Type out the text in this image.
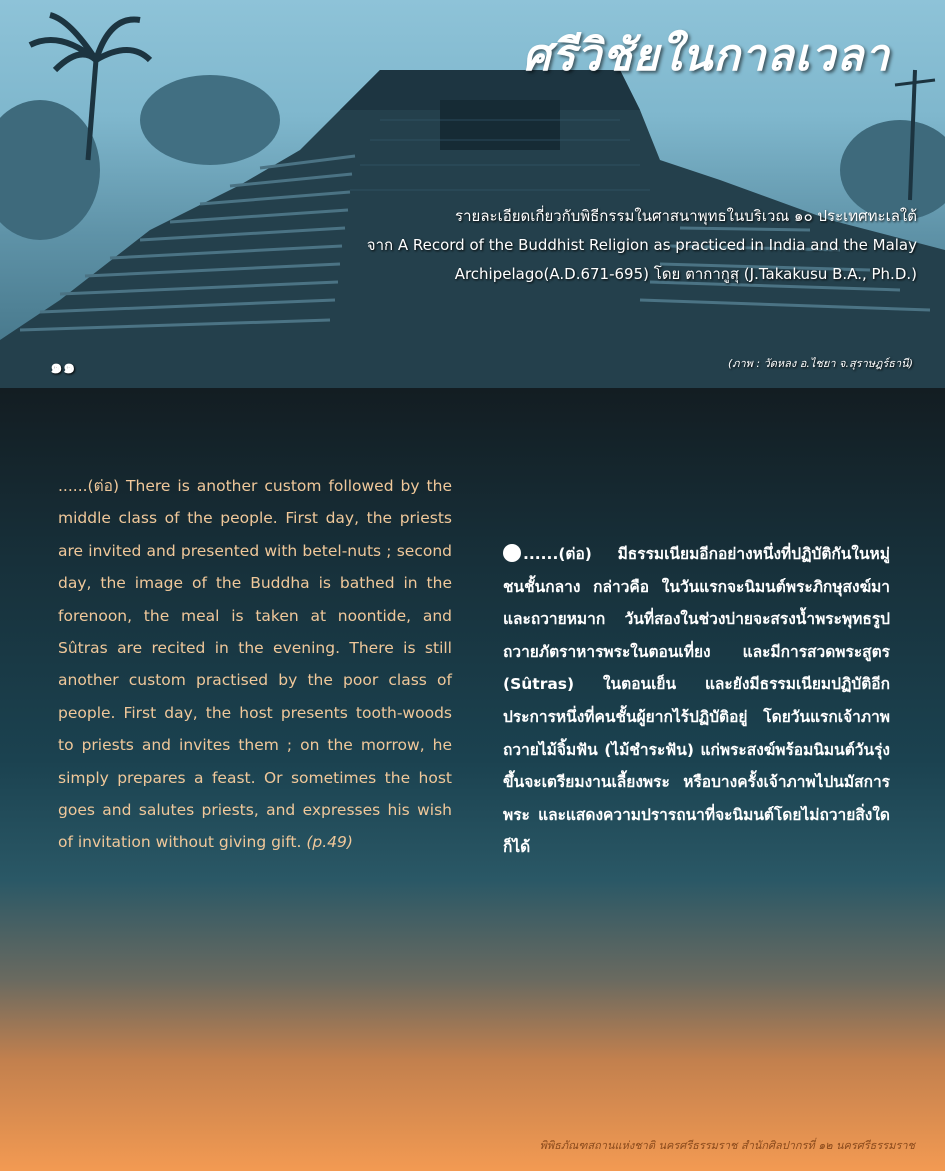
ศรีวิชัยในกาลเวลา
รายละเอียดเกี่ยวกับพิธีกรรมในศาสนาพุทธในบริเวณ ๑๐ ประเทศทะเลใต้
จาก A Record of the Buddhist Religion as practiced in India and the Malay
Archipelago(A.D.671-695) โดย ตากากูสุ (J.Takakusu B.A., Ph.D.)
๑๑	(ภาพ : วัดหลง อ.ไชยา จ.สุราษฎร์ธานี)
......(ต่อ) There is another custom followed by the middle class of the people. First day, the priests are invited and presented with betel-nuts ; second day, the image of the Buddha is bathed in the forenoon, the meal is taken at noontide, and Sûtras are recited in the evening. There is still another custom practised by the poor class of people. First day, the host presents tooth-woods to priests and invites them ; on the morrow, he simply prepares a feast. Or sometimes the host goes and salutes priests, and expresses his wish of invitation without giving gift. (p.49)
......(ต่อ) มีธรรมเนียมอีกอย่างหนึ่งที่ปฏิบัติกันในหมู่ชนชั้นกลาง กล่าวคือ ในวันแรกจะนิมนต์พระภิกษุสงฆ์มาและถวายหมาก วันที่สองในช่วงบ่ายจะสรงน้ำพระพุทธรูป ถวายภัตราหารพระในตอนเที่ยง และมีการสวดพระสูตร (Sûtras) ในตอนเย็น และยังมีธรรมเนียมปฏิบัติอีกประการหนึ่งที่คนชั้นผู้ยากไร้ปฏิบัติอยู่ โดยวันแรกเจ้าภาพถวายไม้จิ้มฟัน (ไม้ชำระฟัน) แก่พระสงฆ์พร้อมนิมนต์วันรุ่งขึ้นจะเตรียมงานเลี้ยงพระ หรือบางครั้งเจ้าภาพไปนมัสการพระ และแสดงความปรารถนาที่จะนิมนต์โดยไม่ถวายสิ่งใดก็ได้
พิพิธภัณฑสถานแห่งชาติ นครศรีธรรมราช สำนักศิลปากรที่ ๑๒ นครศรีธรรมราช
